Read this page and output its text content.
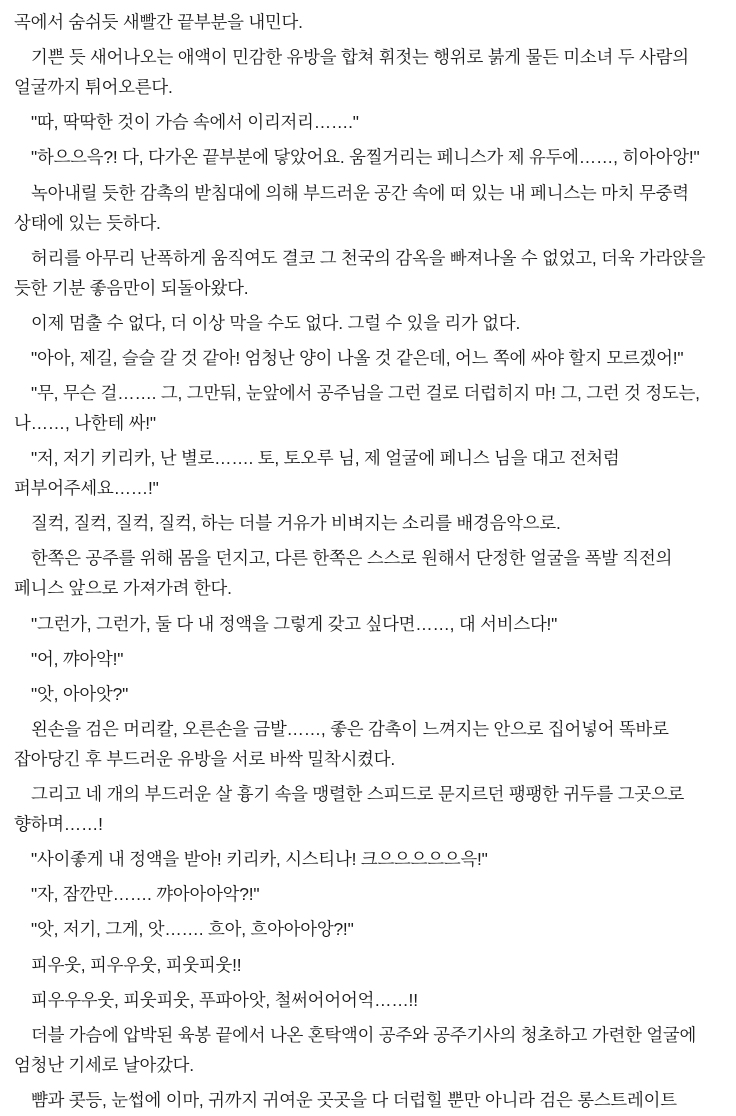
곡에서 숨쉬듯 새빨간 끝부분을 내민다.

기쁜 듯 새어나오는 애액이 민감한 유방을 합쳐 휘젓는 행위로 붉게 물든 미소녀 두 사람의 얼굴까지 튀어오른다.

"따, 딱딱한 것이 가슴 속에서 이리저리……."

"하으으윽?! 다, 다가온 끝부분에 닿았어요. 움찔거리는 페니스가 제 유두에……, 히아아앙!"

녹아내릴 듯한 감촉의 받침대에 의해 부드러운 공간 속에 떠 있는 내 페니스는 마치 무중력 상태에 있는 듯하다.

허리를 아무리 난폭하게 움직여도 결코 그 천국의 감옥을 빠져나올 수 없었고, 더욱 가라앉을 듯한 기분 좋음만이 되돌아왔다.

이제 멈출 수 없다, 더 이상 막을 수도 없다. 그럴 수 있을 리가 없다.

"아아, 제길, 슬슬 갈 것 같아! 엄청난 양이 나올 것 같은데, 어느 쪽에 싸야 할지 모르겠어!"

"무, 무슨 걸……. 그, 그만둬, 눈앞에서 공주님을 그런 걸로 더럽히지 마! 그, 그런 것 정도는, 나……, 나한테 싸!"

"저, 저기 키리카, 난 별로……. 토, 토오루 님, 제 얼굴에 페니스 님을 대고 전처럼 퍼부어주세요……!"

질컥, 질컥, 질컥, 질컥, 하는 더블 거유가 비벼지는 소리를 배경음악으로.

한쪽은 공주를 위해 몸을 던지고, 다른 한쪽은 스스로 원해서 단정한 얼굴을 폭발 직전의 페니스 앞으로 가져가려 한다.

"그런가, 그런가, 둘 다 내 정액을 그렇게 갖고 싶다면……, 대 서비스다!"

"어, 꺄아악!"

"앗, 아아앗?"

왼손을 검은 머리칼, 오른손을 금발……, 좋은 감촉이 느껴지는 안으로 집어넣어 똑바로 잡아당긴 후 부드러운 유방을 서로 바싹 밀착시켰다.

그리고 네 개의 부드러운 살 흉기 속을 맹렬한 스피드로 문지르던 팽팽한 귀두를 그곳으로 향하며……!

"사이좋게 내 정액을 받아! 키리카, 시스티나! 크으으으으으윽!"

"자, 잠깐만……. 꺄아아아악?!"

"앗, 저기, 그게, 앗……. 흐아, 흐아아아앙?!"

피우웃, 피우우웃, 피웃피웃!!

피우우우웃, 피웃피웃, 푸파아앗, 철써어어어억……!!

더블 가슴에 압박된 육봉 끝에서 나온 혼탁액이 공주와 공주기사의 청초하고 가련한 얼굴에 엄청난 기세로 날아갔다.

뺨과 콧등, 눈썹에 이마, 귀까지 귀여운 곳곳을 다 더럽힐 뿐만 아니라 검은 롱스트레이트
